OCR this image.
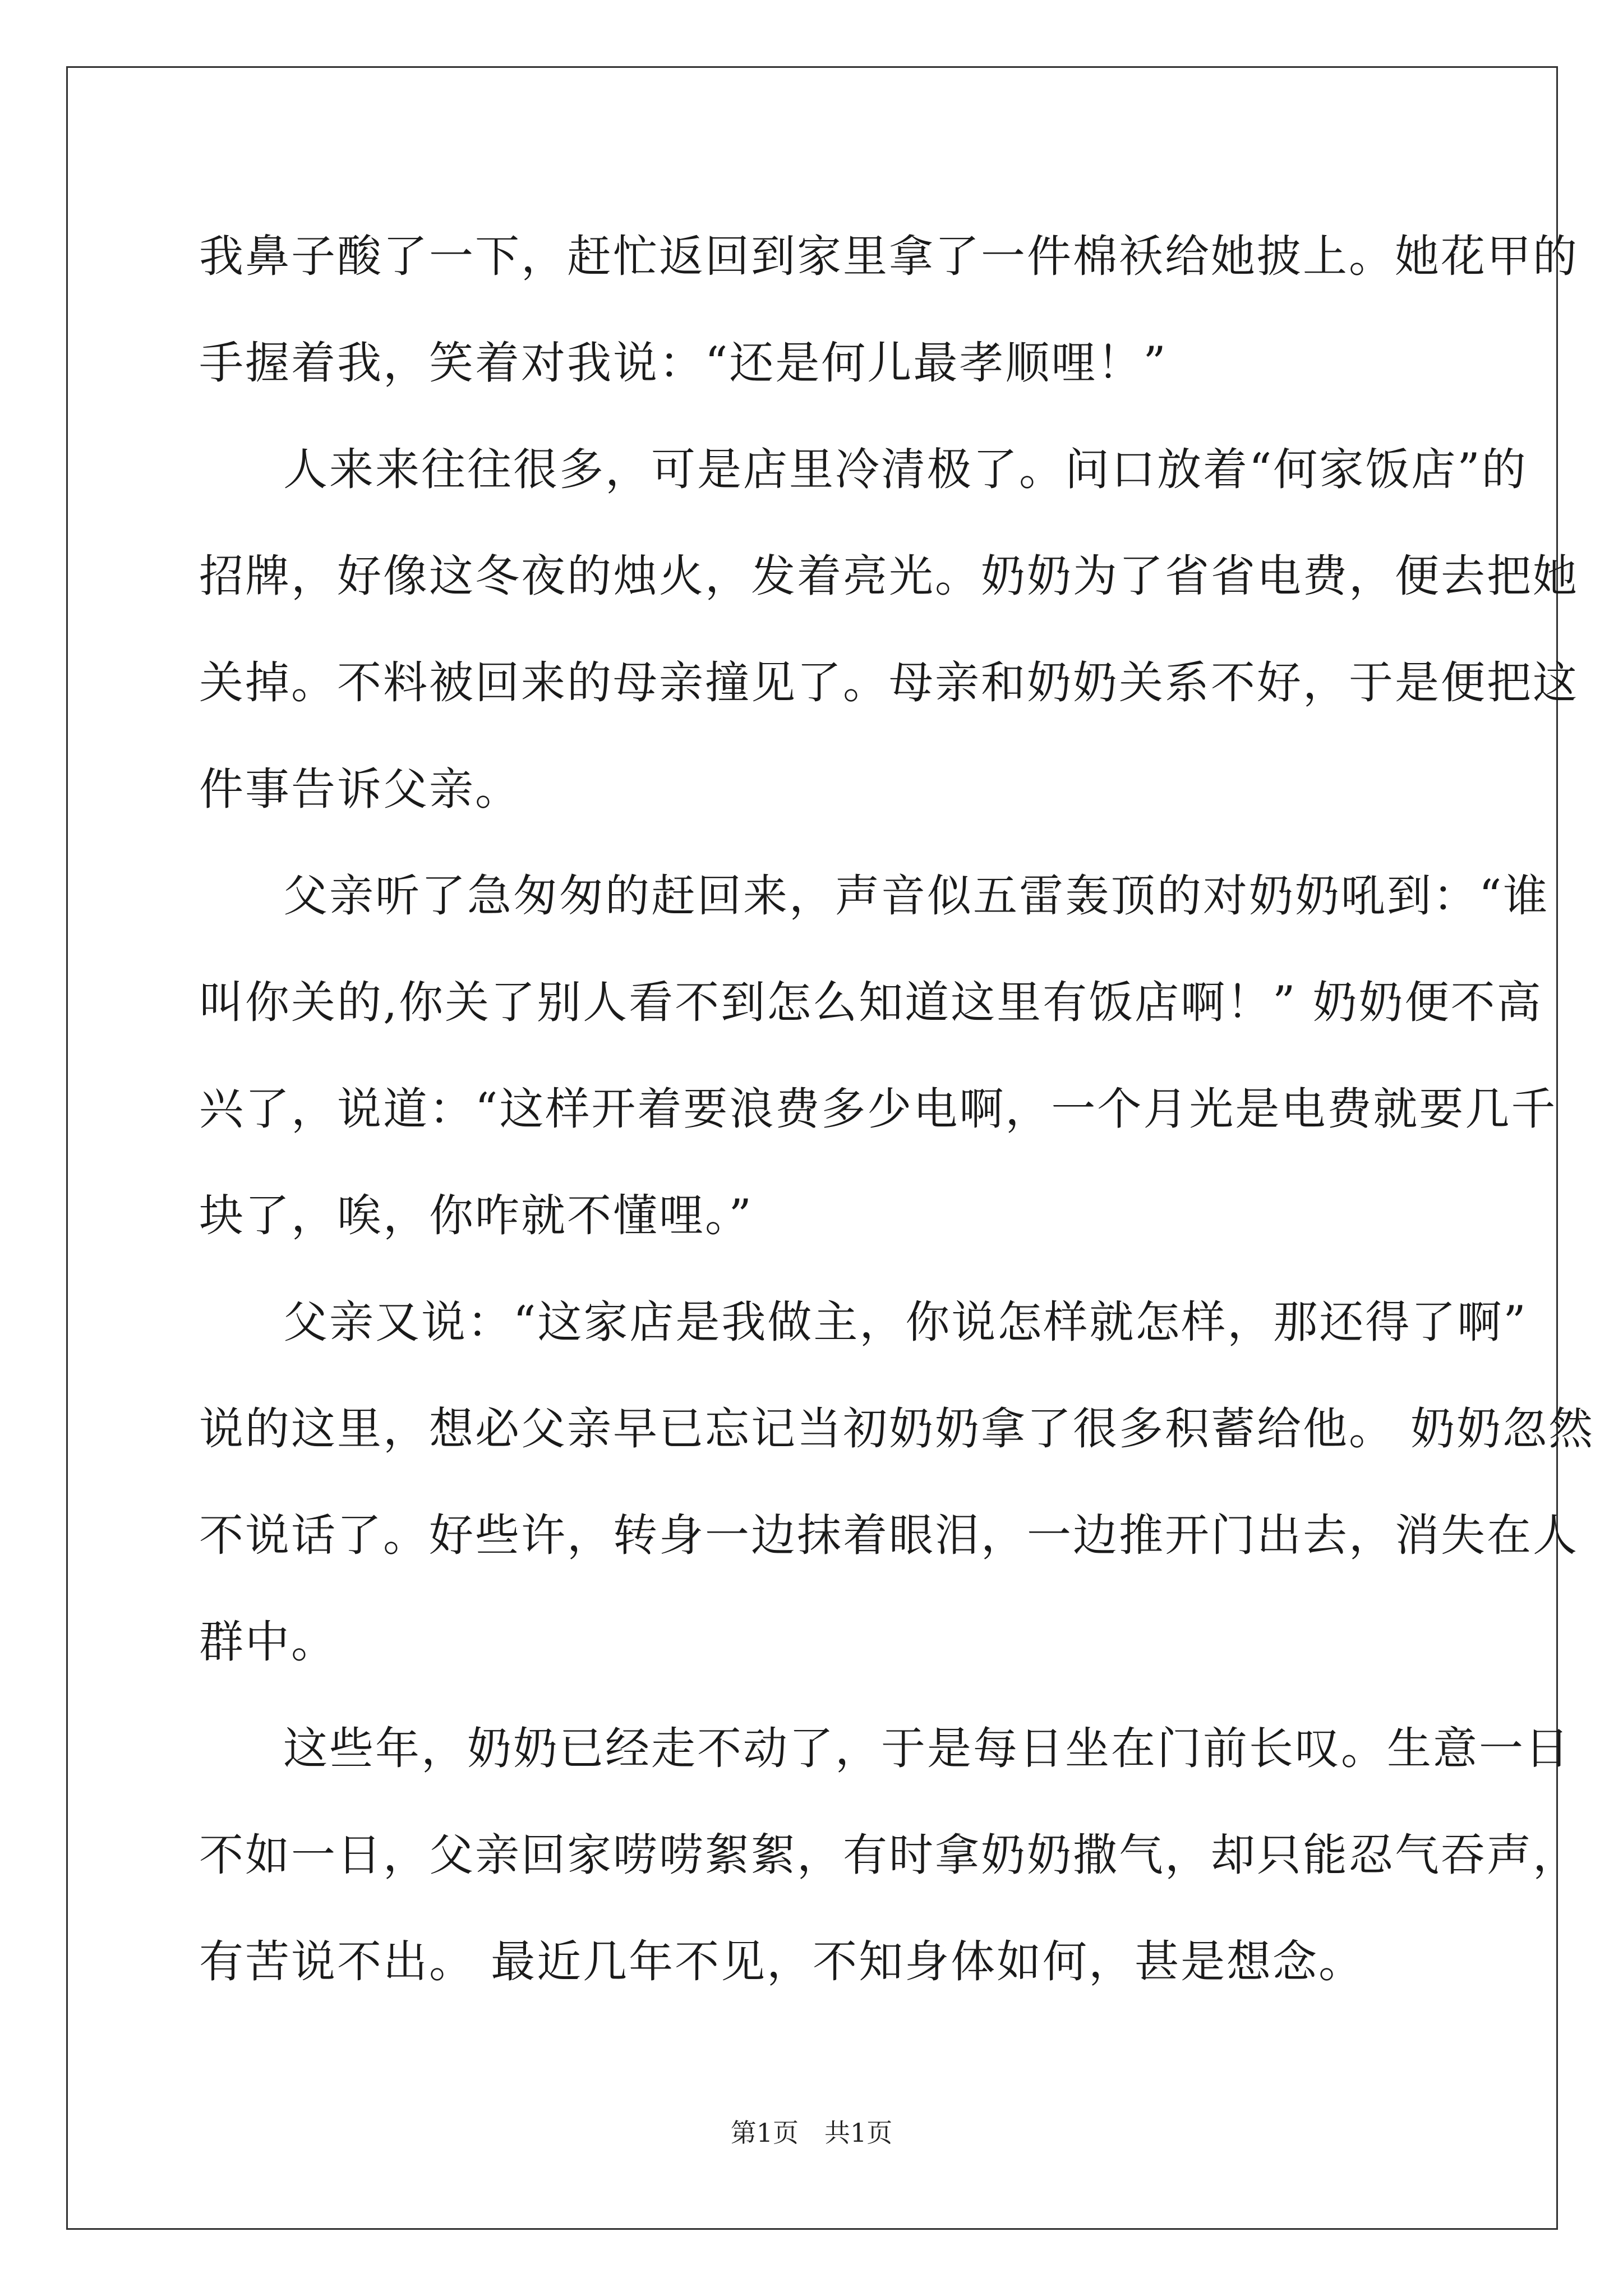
我鼻子酸了一下，赶忙返回到家里拿了一件棉袄给她披上。她花甲的
手握着我，笑着对我说：“还是何儿最孝顺哩！”
人来来往往很多，可是店里冷清极了。问口放着“何家饭店”的
招牌，好像这冬夜的烛火，发着亮光。奶奶为了省省电费，便去把她
关掉。不料被回来的母亲撞见了。母亲和奶奶关系不好，于是便把这
件事告诉父亲。
父亲听了急匆匆的赶回来，声音似五雷轰顶的对奶奶吼到：“谁
叫你关的,你关了别人看不到怎么知道这里有饭店啊！” 奶奶便不高
兴了，说道：“这样开着要浪费多少电啊，一个月光是电费就要几千
块了，唉，你咋就不懂哩。”
父亲又说：“这家店是我做主，你说怎样就怎样，那还得了啊”
说的这里，想必父亲早已忘记当初奶奶拿了很多积蓄给他。 奶奶忽然
不说话了。好些许，转身一边抹着眼泪，一边推开门出去，消失在人
群中。
这些年，奶奶已经走不动了，于是每日坐在门前长叹。生意一日
不如一日，父亲回家唠唠絮絮，有时拿奶奶撒气，却只能忍气吞声，
有苦说不出。 最近几年不见，不知身体如何，甚是想念。
第1页　共1页
